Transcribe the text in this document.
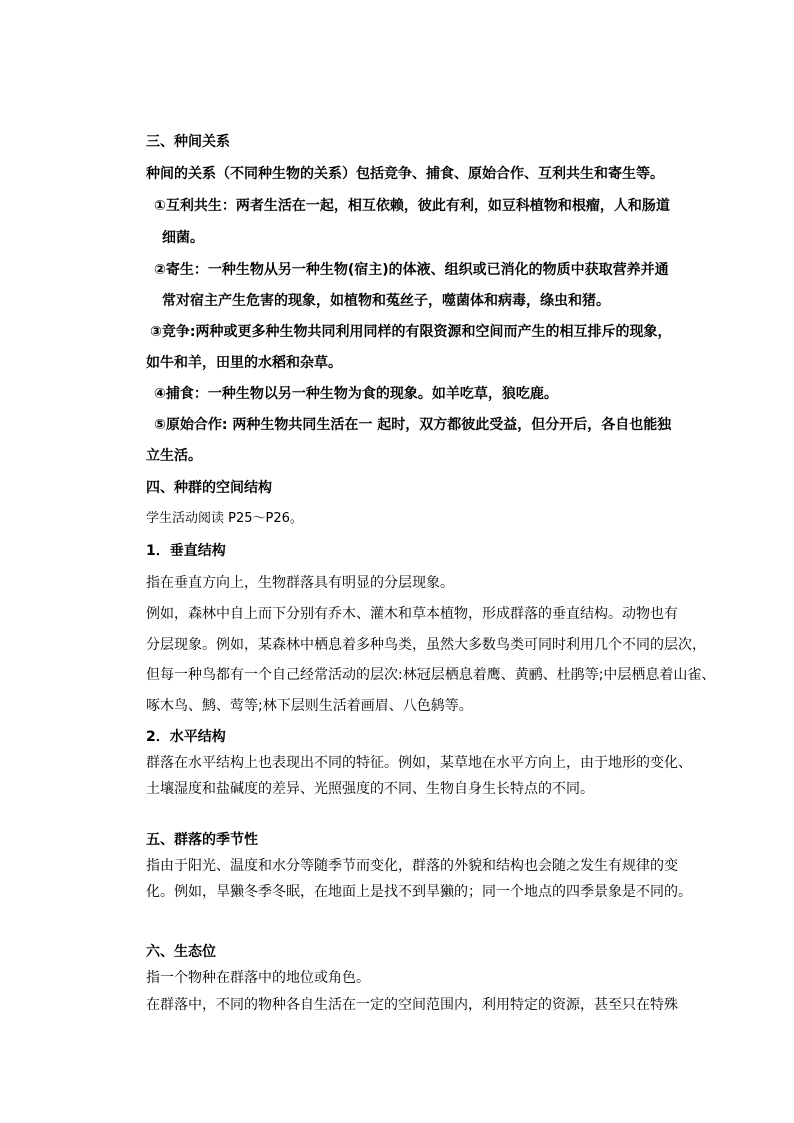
三、种间关系
种间的关系（不同种生物的关系）包括竞争、捕食、原始合作、互利共生和寄生等。
①互利共生：两者生活在一起，相互依赖，彼此有利，如豆科植物和根瘤，人和肠道
细菌。
②寄生：一种生物从另一种生物(宿主)的体液、组织或已消化的物质中获取营养并通
常对宿主产生危害的现象，如植物和菟丝子，噬菌体和病毒，绦虫和猪。
③竞争:两种或更多种生物共同利用同样的有限资源和空间而产生的相互排斥的现象，
如牛和羊，田里的水稻和杂草。
④捕食：一种生物以另一种生物为食的现象。如羊吃草，狼吃鹿。
⑤原始合作: 两种生物共同生活在一 起时，双方都彼此受益，但分开后，各自也能独
立生活。
四、种群的空间结构
学生活动阅读 P25～P26。
1．垂直结构
指在垂直方向上，生物群落具有明显的分层现象。
例如，森林中自上而下分别有乔木、灌木和草本植物，形成群落的垂直结构。动物也有
分层现象。例如，某森林中栖息着多种鸟类，虽然大多数鸟类可同时利用几个不同的层次，
但每一种鸟都有一个自己经常活动的层次:林冠层栖息着鹰、黄鹂、杜鹃等;中层栖息着山雀、
啄木鸟、鹪、莺等;林下层则生活着画眉、八色鸫等。
2．水平结构
群落在水平结构上也表现出不同的特征。例如，某草地在水平方向上，由于地形的变化、
土壤湿度和盐碱度的差异、光照强度的不同、生物自身生长特点的不同。
五、群落的季节性
指由于阳光、温度和水分等随季节而变化，群落的外貌和结构也会随之发生有规律的变
化。例如，旱獭冬季冬眠，在地面上是找不到旱獭的；同一个地点的四季景象是不同的。
六、生态位
指一个物种在群落中的地位或角色。
在群落中，不同的物种各自生活在一定的空间范围内，利用特定的资源，甚至只在特殊
